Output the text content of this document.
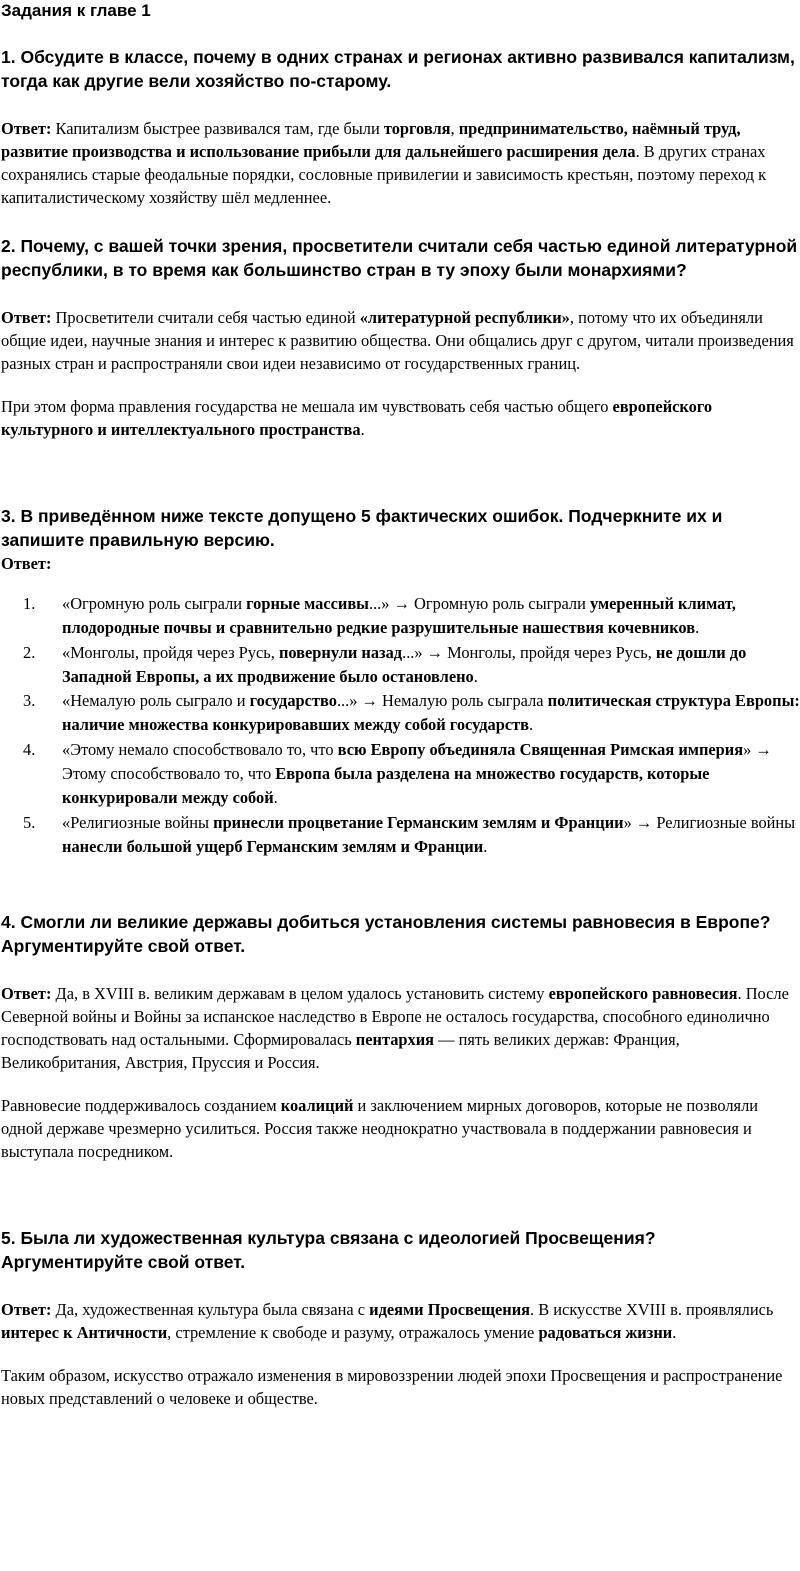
Задания к главе 1
1. Обсудите в классе, почему в одних странах и регионах активно развивался капитализм, тогда как другие вели хозяйство по-старому.

Ответ: Капитализм быстрее развивался там, где были торговля, предпринимательство, наёмный труд, развитие производства и использование прибыли для дальнейшего расширения дела. В других странах сохранялись старые феодальные порядки, сословные привилегии и зависимость крестьян, поэтому переход к капиталистическому хозяйству шёл медленнее.

2. Почему, с вашей точки зрения, просветители считали себя частью единой литературной республики, в то время как большинство стран в ту эпоху были монархиями?

Ответ: Просветители считали себя частью единой «литературной республики», потому что их объединяли общие идеи, научные знания и интерес к развитию общества. Они общались друг с другом, читали произведения разных стран и распространяли свои идеи независимо от государственных границ.

При этом форма правления государства не мешала им чувствовать себя частью общего европейского культурного и интеллектуального пространства.

3. В приведённом ниже тексте допущено 5 фактических ошибок. Подчеркните их и запишите правильную версию.

Ответ:

1. «Огромную роль сыграли горные массивы...» → Огромную роль сыграли умеренный климат, плодородные почвы и сравнительно редкие разрушительные нашествия кочевников.
2. «Монголы, пройдя через Русь, повернули назад...» → Монголы, пройдя через Русь, не дошли до Западной Европы, а их продвижение было остановлено.
3. «Немалую роль сыграло и государство...» → Немалую роль сыграла политическая структура Европы: наличие множества конкурировавших между собой государств.
4. «Этому немало способствовало то, что всю Европу объединяла Священная Римская империя» → Этому способствовало то, что Европа была разделена на множество государств, которые конкурировали между собой.
5. «Религиозные войны принесли процветание Германским землям и Франции» → Религиозные войны нанесли большой ущерб Германским землям и Франции.
4. Смогли ли великие державы добиться установления системы равновесия в Европе? Аргументируйте свой ответ.

Ответ: Да, в XVIII в. великим державам в целом удалось установить систему европейского равновесия. После Северной войны и Войны за испанское наследство в Европе не осталось государства, способного единолично господствовать над остальными. Сформировалась пентархия — пять великих держав: Франция, Великобритания, Австрия, Пруссия и Россия.

Равновесие поддерживалось созданием коалиций и заключением мирных договоров, которые не позволяли одной державе чрезмерно усилиться. Россия также неоднократно участвовала в поддержании равновесия и выступала посредником.

5. Была ли художественная культура связана с идеологией Просвещения? Аргументируйте свой ответ.

Ответ: Да, художественная культура была связана с идеями Просвещения. В искусстве XVIII в. проявлялись интерес к Античности, стремление к свободе и разуму, отражалось умение радоваться жизни.

Таким образом, искусство отражало изменения в мировоззрении людей эпохи Просвещения и распространение новых представлений о человеке и обществе.
